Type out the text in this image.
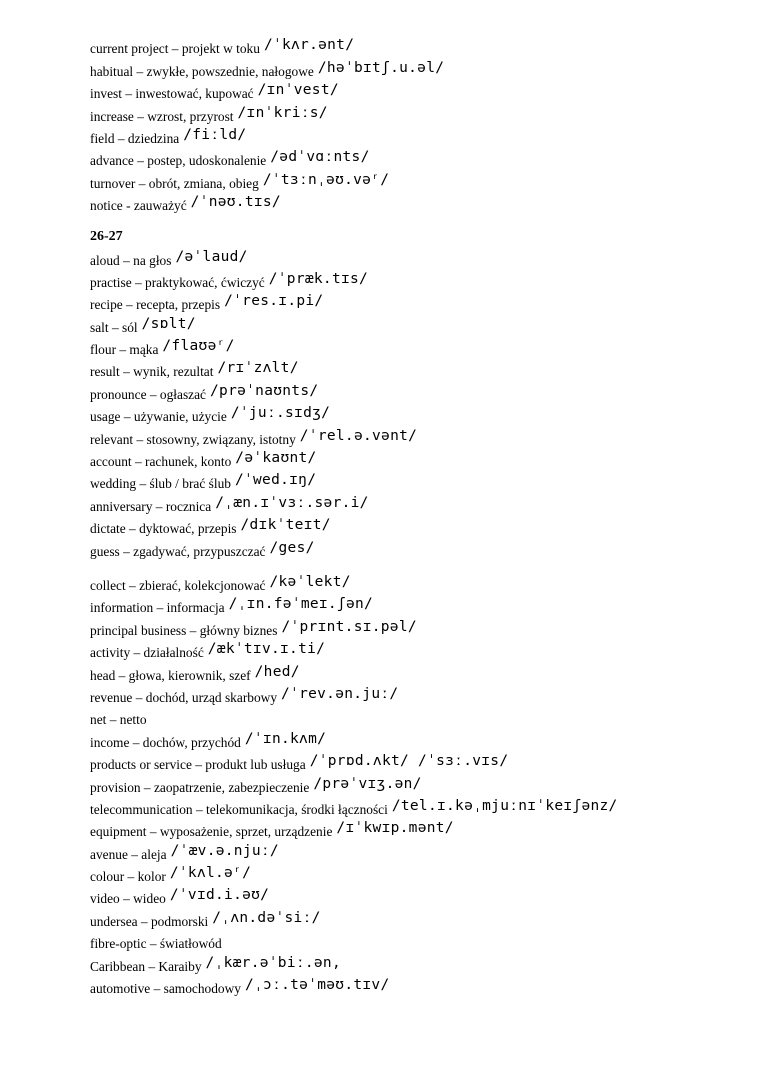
current project – projekt w toku /ˈkʌr.ənt/
habitual – zwykłe, powszednie, nałogowe /həˈbɪtʃ.u.əl/
invest – inwestować, kupować /ɪnˈvest/
increase – wzrost, przyrost /ɪnˈkriːs/
field – dziedzina /fiːld/
advance – postep, udoskonalenie /ədˈvɑːnts/
turnover – obrót, zmiana, obieg /ˈtɜːnˌəʊ.vəʳ/
notice - zauważyć /ˈnəʊ.tɪs/
26-27
aloud – na głos /əˈlaud/
practise – praktykować, ćwiczyć /ˈpræk.tɪs/
recipe – recepta, przepis /ˈres.ɪ.pi/
salt – sól /sɒlt/
flour – mąka /flaʊəʳ/
result – wynik, rezultat /rɪˈzʌlt/
pronounce – ogłaszać /prəˈnaʊnts/
usage – używanie, użycie /ˈjuː.sɪdʒ/
relevant – stosowny, związany, istotny /ˈrel.ə.vənt/
account – rachunek, konto /əˈkaʊnt/
wedding – ślub / brać ślub /ˈwed.ɪŋ/
anniversary – rocznica /ˌæn.ɪˈvɜː.sər.i/
dictate – dyktować, przepis /dɪkˈteɪt/
guess – zgadywać, przypuszczać /ges/
collect – zbierać, kolekcjonować /kəˈlekt/
information – informacja /ˌɪn.fəˈmeɪ.ʃən/
principal business – główny biznes /ˈprɪnt.sɪ.pəl/
activity – działalność /ækˈtɪv.ɪ.ti/
head – głowa, kierownik, szef /hed/
revenue – dochód, urząd skarbowy /ˈrev.ən.juː/
net – netto
income – dochów, przychód /ˈɪn.kʌm/
products or service – produkt lub usługa /ˈprɒd.ʌkt/ /ˈsɜː.vɪs/
provision – zaopatrzenie, zabezpieczenie /prəˈvɪʒ.ən/
telecommunication – telekomunikacja, środki łączności /tel.ɪ.kəˌmjuːnɪˈkeɪʃənz/
equipment – wyposażenie, sprzet, urządzenie /ɪˈkwɪp.mənt/
avenue – aleja /ˈæv.ə.njuː/
colour – kolor /ˈkʌl.əʳ/
video – wideo /ˈvɪd.i.əʊ/
undersea – podmorski /ˌʌn.dəˈsiː/
fibre-optic – światłowód
Caribbean – Karaiby /ˌkær.əˈbiː.ən,
automotive – samochodowy /ˌɔː.təˈməʊ.tɪv/
